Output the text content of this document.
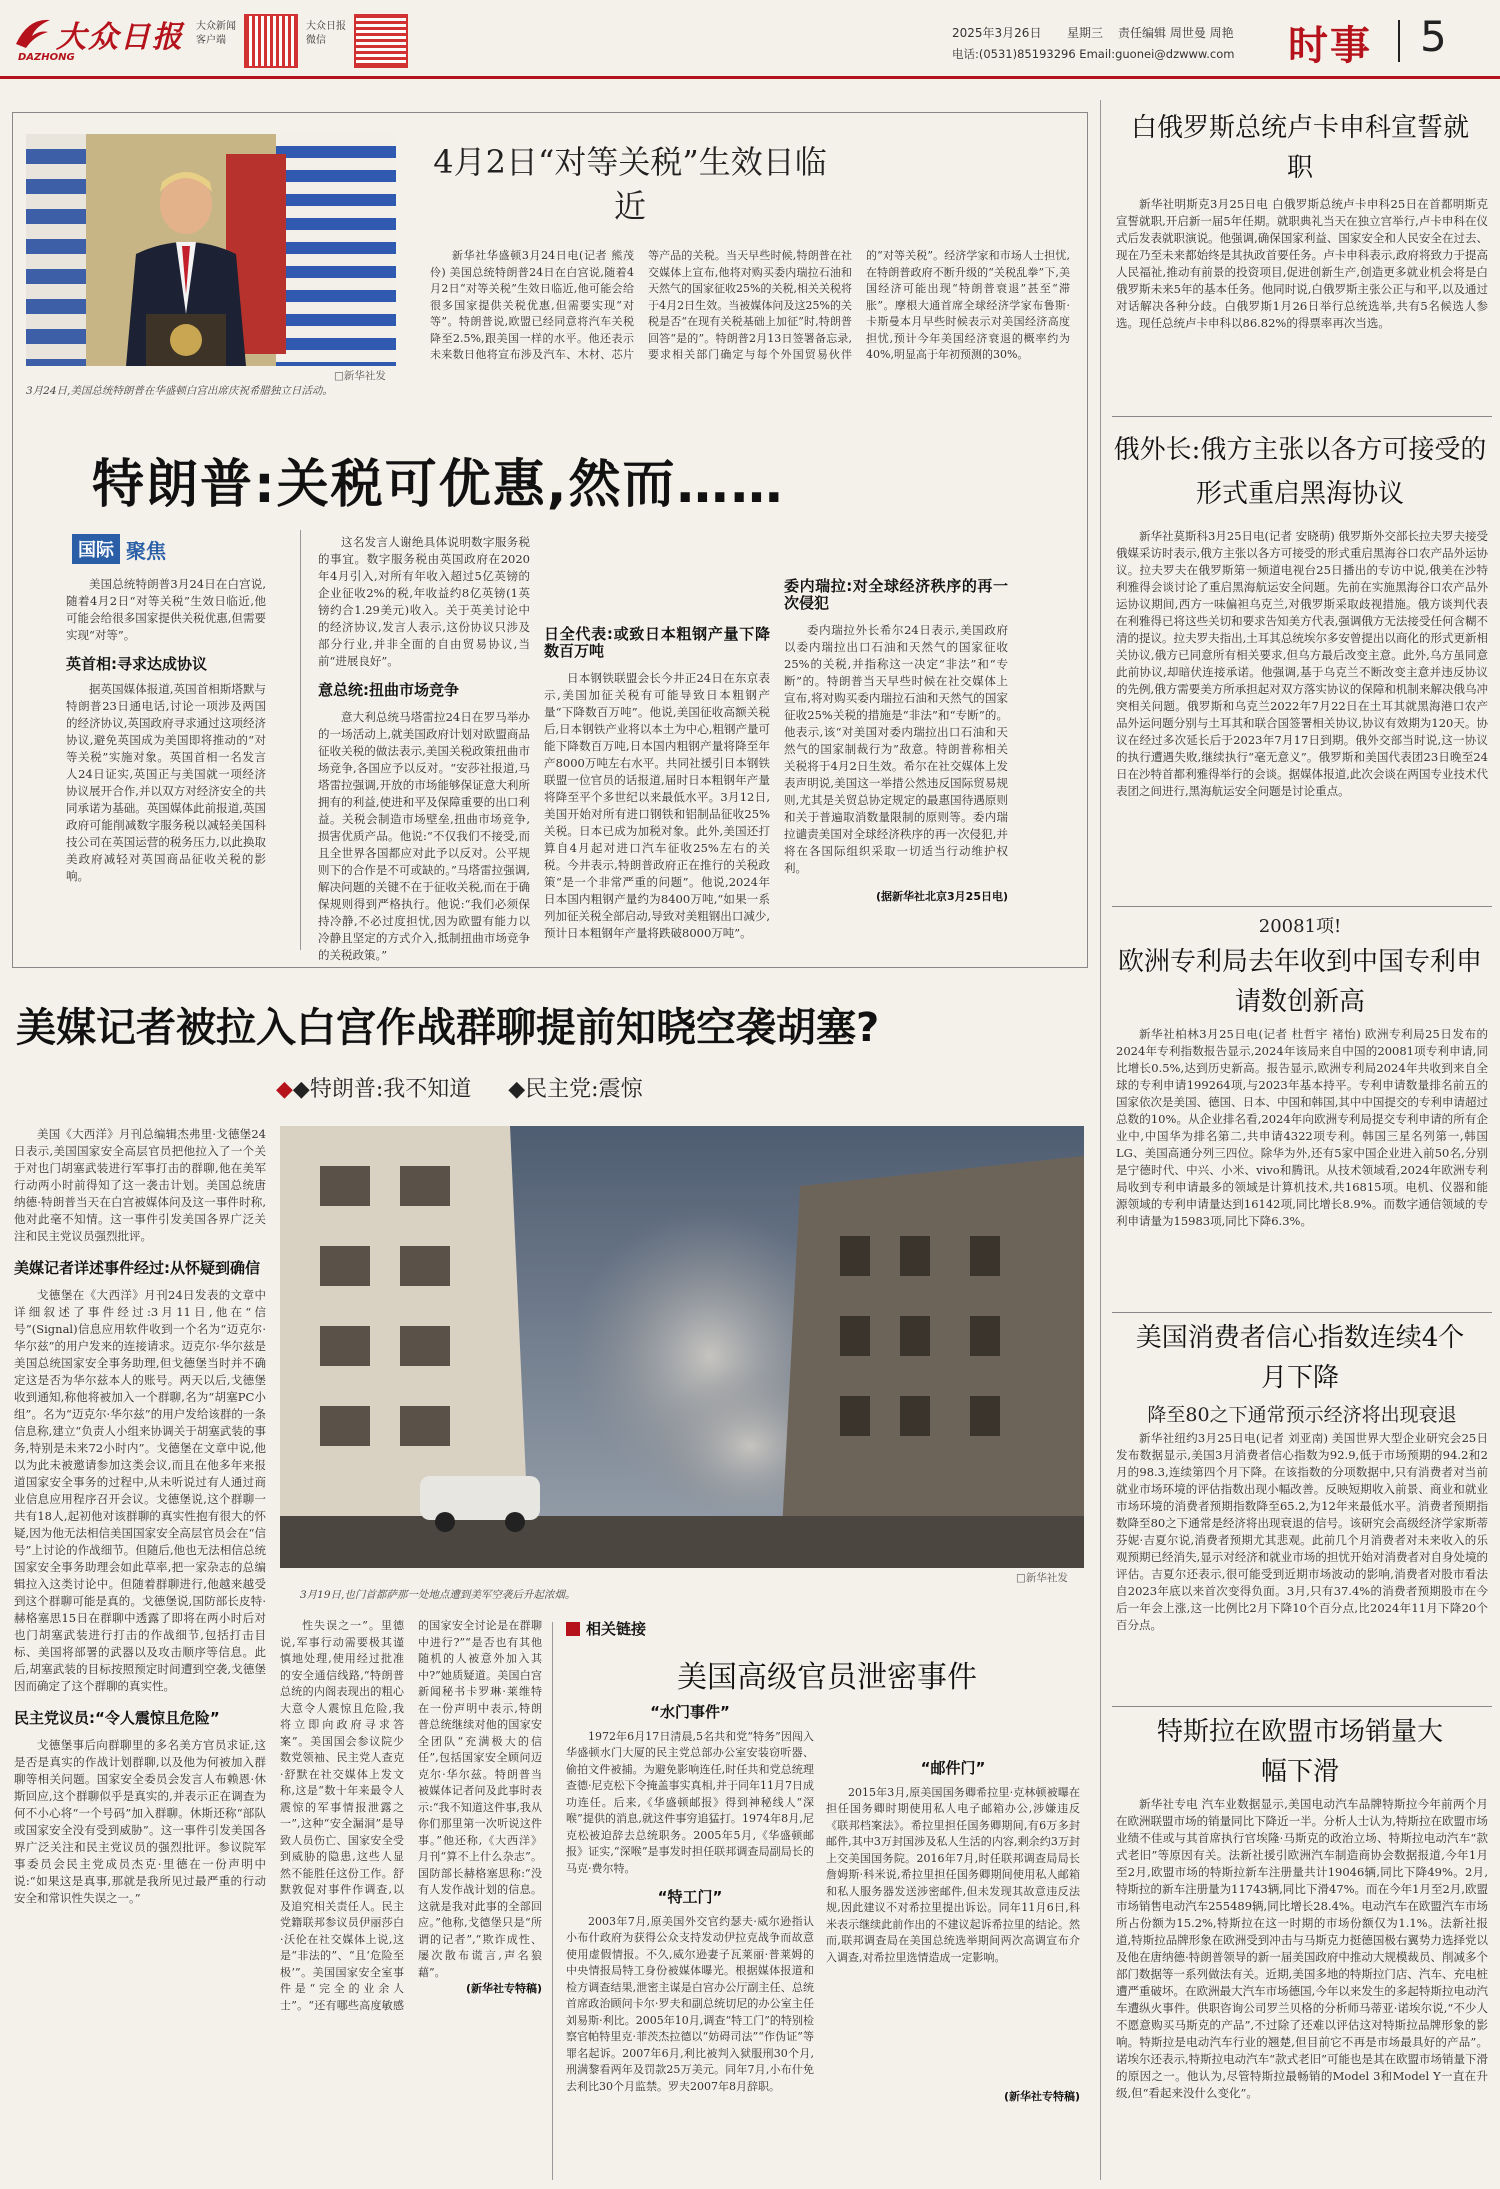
大众日报
DAZHONG
大众新闻客户端
大众日报微信
2025年3月26日 星期三 责任编辑 周世曼 周艳
电话:(0531)85193296 Email:guonei@dzwww.com 时事 5
□新华社发
3月24日,美国总统特朗普在华盛顿白宫出席庆祝希腊独立日活动。
4月2日“对等关税”生效日临近

新华社华盛顿3月24日电(记者 熊茂伶) 美国总统特朗普24日在白宫说,随着4月2日“对等关税”生效日临近,他可能会给很多国家提供关税优惠,但需要实现“对等”。特朗普说,欧盟已经同意将汽车关税降至2.5%,跟美国一样的水平。他还表示未来数日他将宣布涉及汽车、木材、芯片等产品的关税。当天早些时候,特朗普在社交媒体上宣布,他将对购买委内瑞拉石油和天然气的国家征收25%的关税,相关关税将于4月2日生效。当被媒体问及这25%的关税是否“在现有关税基础上加征”时,特朗普回答“是的”。特朗普2月13日签署备忘录,要求相关部门确定与每个外国贸易伙伴的“对等关税”。经济学家和市场人士担忧,在特朗普政府不断升级的“关税乱拳”下,美国经济可能出现“特朗普衰退”甚至“滞胀”。摩根大通首席全球经济学家布鲁斯·卡斯曼本月早些时候表示对美国经济高度担忧,预计今年美国经济衰退的概率约为40%,明显高于年初预测的30%。

特朗普:关税可优惠,然而……
国际 聚焦

美国总统特朗普3月24日在白宫说,随着4月2日“对等关税”生效日临近,他可能会给很多国家提供关税优惠,但需要实现“对等”。

英首相:寻求达成协议

据英国媒体报道,英国首相斯塔默与特朗普23日通电话,讨论一项涉及两国的经济协议,英国政府寻求通过这项经济协议,避免英国成为美国即将推动的“对等关税”实施对象。英国首相一名发言人24日证实,英国正与美国就一项经济协议展开合作,并以双方对经济安全的共同承诺为基础。英国媒体此前报道,英国政府可能削减数字服务税以减轻美国科技公司在英国运营的税务压力,以此换取美政府减轻对英国商品征收关税的影响。

这名发言人谢绝具体说明数字服务税的事宜。数字服务税由英国政府在2020年4月引入,对所有年收入超过5亿英镑的企业征收2%的税,年收益约8亿英镑(1英镑约合1.29美元)收入。关于英美讨论中的经济协议,发言人表示,这份协议只涉及部分行业,并非全面的自由贸易协议,当前“进展良好”。

意总统:扭曲市场竞争

意大利总统马塔雷拉24日在罗马举办的一场活动上,就美国政府计划对欧盟商品征收关税的做法表示,美国关税政策扭曲市场竞争,各国应予以反对。“安莎社报道,马塔雷拉强调,开放的市场能够保证意大利所拥有的利益,使进和平及保障重要的出口利益。关税会制造市场壁垒,扭曲市场竞争,损害优质产品。他说:“不仅我们不接受,而且全世界各国都应对此予以反对。公平规则下的合作是不可或缺的。”马塔雷拉强调,解决问题的关键不在于征收关税,而在于确保规则得到严格执行。他说:“我们必须保持冷静,不必过度担忧,因为欧盟有能力以冷静且坚定的方式介入,抵制扭曲市场竞争的关税政策。”

日全代表:或致日本粗钢产量下降数百万吨

日本钢铁联盟会长今井正24日在东京表示,美国加征关税有可能导致日本粗钢产量“下降数百万吨”。他说,美国征收高额关税后,日本钢铁产业将以本土为中心,粗钢产量可能下降数百万吨,日本国内粗钢产量将降至年产8000万吨左右水平。共同社援引日本钢铁联盟一位官员的话报道,届时日本粗钢年产量将降至平个多世纪以来最低水平。3月12日,美国开始对所有进口钢铁和铝制品征收25%关税。日本已成为加税对象。此外,美国还打算自4月起对进口汽车征收25%左右的关税。今井表示,特朗普政府正在推行的关税政策“是一个非常严重的问题”。他说,2024年日本国内粗钢产量约为8400万吨,“如果一系列加征关税全部启动,导致对美粗钢出口减少,预计日本粗钢年产量将跌破8000万吨”。

委内瑞拉:对全球经济秩序的再一次侵犯

委内瑞拉外长希尔24日表示,美国政府以委内瑞拉出口石油和天然气的国家征收25%的关税,并指称这一决定“非法”和“专断”的。特朗普当天早些时候在社交媒体上宣布,将对购买委内瑞拉石油和天然气的国家征收25%关税的措施是“非法”和“专断”的。他表示,该“对美国对委内瑞拉出口石油和天然气的国家制裁行为”敌意。特朗普称相关关税将于4月2日生效。希尔在社交媒体上发表声明说,美国这一举措公然违反国际贸易规则,尤其是关贸总协定规定的最惠国待遇原则和关于普遍取消数量限制的原则等。委内瑞拉谴责美国对全球经济秩序的再一次侵犯,并将在各国际组织采取一切适当行动维护权利。

(据新华社北京3月25日电)
美媒记者被拉入白宫作战群聊提前知晓空袭胡塞?
◆◆特朗普:我不知道 ◆民主党:震惊
3月19日,也门首都萨那一处地点遭到美军空袭后升起浓烟。
□新华社发

美国《大西洋》月刊总编辑杰弗里·戈德堡24日表示,美国国家安全高层官员把他拉入了一个关于对也门胡塞武装进行军事打击的群聊,他在美军行动两小时前得知了这一袭击计划。美国总统唐纳德·特朗普当天在白宫被媒体问及这一事件时称,他对此毫不知情。这一事件引发美国各界广泛关注和民主党议员强烈批评。

美媒记者详述事件经过:从怀疑到确信

戈德堡在《大西洋》月刊24日发表的文章中详细叙述了事件经过:3月11日,他在“信号”(Signal)信息应用软件收到一个名为“迈克尔·华尔兹”的用户发来的连接请求。迈克尔·华尔兹是美国总统国家安全事务助理,但戈德堡当时并不确定这是否为华尔兹本人的账号。两天以后,戈德堡收到通知,称他将被加入一个群聊,名为“胡塞PC小组”。名为“迈克尔·华尔兹”的用户发给该群的一条信息称,建立“负责人小组来协调关于胡塞武装的事务,特别是未来72小时内”。戈德堡在文章中说,他以为此未被邀请参加这类会议,而且在他多年来报道国家安全事务的过程中,从未听说过有人通过商业信息应用程序召开会议。戈德堡说,这个群聊一共有18人,起初他对该群聊的真实性抱有很大的怀疑,因为他无法相信美国国家安全高层官员会在“信号”上讨论的作战细节。但随后,他也无法相信总统国家安全事务助理会如此草率,把一家杂志的总编辑拉入这类讨论中。但随着群聊进行,他越来越受到这个群聊可能是真的。戈德堡说,国防部长皮特·赫格塞思15日在群聊中透露了即将在两小时后对也门胡塞武装进行打击的作战细节,包括打击目标、美国将部署的武器以及攻击顺序等信息。此后,胡塞武装的目标按照预定时间遭到空袭,戈德堡因而确定了这个群聊的真实性。

民主党议员:“令人震惊且危险”

戈德堡事后向群聊里的多名美方官员求证,这是否是真实的作战计划群聊,以及他为何被加入群聊等相关问题。国家安全委员会发言人布赖恩·休斯回应,这个群聊似乎是真实的,并表示正在调查为何不小心将“一个号码”加入群聊。休斯还称“部队或国家安全没有受到威胁”。这一事件引发美国各界广泛关注和民主党议员的强烈批评。参议院军事委员会民主党成员杰克·里德在一份声明中说:“如果这是真事,那就是我所见过最严重的行动安全和常识性失误之一。”

性失误之一”。里德说,军事行动需要极其谨慎地处理,使用经过批准的安全通信线路,“特朗普总统的内阁表现出的粗心大意令人震惊且危险,我将立即向政府寻求答案”。美国国会参议院少数党领袖、民主党人查克·舒默在社交媒体上发文称,这是“数十年来最令人震惊的军事情报泄露之一”,这种“安全漏洞”是导致人员伤亡、国家安全受到威胁的隐患,这些人显然不能胜任这份工作。舒默敦促对事件作调查,以及追究相关责任人。民主党籍联邦参议员伊丽莎白·沃伦在社交媒体上说,这是“非法的”、“且‘危险至极’”。美国国家安全室事件是“完全的业余人士”。“还有哪些高度敏感的国家安全讨论是在群聊中进行?”“是否也有其他随机的人被意外加入其中?”她质疑道。美国白宫新闻秘书卡罗琳·莱维特在一份声明中表示,特朗普总统继续对他的国家安全团队“充满极大的信任”,包括国家安全顾问迈克尔·华尔兹。特朗普当被媒体记者问及此事时表示:“我不知道这件事,我从你们那里第一次听说这件事。”他还称,《大西洋》月刊“算不上什么杂志”。国防部长赫格塞思称:“没有人发作战计划的信息。这就是我对此事的全部回应。”他称,戈德堡只是“所谓的记者”,“欺诈成性、屡次散布谎言,声名狼藉”。

(新华社专特稿)
相关链接
美国高级官员泄密事件
“水门事件”

1972年6月17日清晨,5名共和党“特务”因闯入华盛顿水门大厦的民主党总部办公室安装窃听器、偷拍文件被捕。为避免影响连任,时任共和党总统理查德·尼克松下令掩盖事实真相,并于同年11月7日成功连任。后来,《华盛顿邮报》得到神秘线人“深喉”提供的消息,就这件事穷追猛打。1974年8月,尼克松被迫辞去总统职务。2005年5月,《华盛顿邮报》证实,“深喉”是事发时担任联邦调查局副局长的马克·费尔特。

“特工门”

2003年7月,原美国外交官约瑟夫·威尔逊指认小布什政府为获得公众支持发动伊拉克战争而故意使用虚假情报。不久,威尔逊妻子瓦莱丽·普莱姆的中央情报局特工身份被媒体曝光。根据媒体报道和检方调查结果,泄密主谋是白宫办公厅副主任、总统首席政治顾问卡尔·罗夫和副总统切尼的办公室主任刘易斯·利比。2005年10月,调查“特工门”的特别检察官帕特里克·菲茨杰拉德以“妨碍司法”“作伪证”等罪名起诉。2007年6月,利比被判入狱服刑30个月,刑满黎看两年及罚款25万美元。同年7月,小布什免去利比30个月监禁。罗夫2007年8月辞职。

“邮件门”

2015年3月,原美国国务卿希拉里·克林顿被曝在担任国务卿时期使用私人电子邮箱办公,涉嫌违反《联邦档案法》。希拉里担任国务卿期间,有6万多封邮件,其中3万封国涉及私人生活的内容,剩余约3万封上交美国国务院。2016年7月,时任联邦调查局局长詹姆斯·科米说,希拉里担任国务卿期间使用私人邮箱和私人服务器发送涉密邮件,但未发现其故意违反法规,因此建议不对希拉里提出诉讼。同年11月6日,科米表示继续此前作出的不建议起诉希拉里的结论。然而,联邦调查局在美国总统选举期间两次高调宣布介入调查,对希拉里选情造成一定影响。

(新华社专特稿)
白俄罗斯总统卢卡申科宣誓就职

新华社明斯克3月25日电 白俄罗斯总统卢卡申科25日在首都明斯克宣誓就职,开启新一届5年任期。就职典礼当天在独立宫举行,卢卡申科在仪式后发表就职演说。他强调,确保国家利益、国家安全和人民安全在过去、现在乃至未来都始终是其执政首要任务。卢卡申科表示,政府将致力于提高人民福祉,推动有前景的投资项目,促进创新生产,创造更多就业机会将是白俄罗斯未来5年的基本任务。他同时说,白俄罗斯主张公正与和平,以及通过对话解决各种分歧。白俄罗斯1月26日举行总统选举,共有5名候选人参选。现任总统卢卡申科以86.82%的得票率再次当选。

俄外长:俄方主张以各方可接受的形式重启黑海协议

新华社莫斯科3月25日电(记者 安晓萌) 俄罗斯外交部长拉夫罗夫接受俄媒采访时表示,俄方主张以各方可接受的形式重启黑海谷口农产品外运协议。拉夫罗夫在俄罗斯第一频道电视台25日播出的专访中说,俄美在沙特利雅得会谈讨论了重启黑海航运安全问题。先前在实施黑海谷口农产品外运协议期间,西方一味偏袒乌克兰,对俄罗斯采取歧视措施。俄方谈判代表在利雅得已将这些关切和要求告知美方代表,强调俄方无法接受任何含糊不清的提议。拉夫罗夫指出,土耳其总统埃尔多安曾提出以商化的形式更新相关协议,俄方已同意所有相关要求,但乌方最后改变主意。此外,乌方虽同意此前协议,却暗伏连接承诺。他强调,基于乌克兰不断改变主意并违反协议的先例,俄方需要美方所承担起对双方落实协议的保障和机制来解决俄乌冲突相关问题。俄罗斯和乌克兰2022年7月22日在土耳其就黑海港口农产品外运问题分别与土耳其和联合国签署相关协议,协议有效期为120天。协议在经过多次延长后于2023年7月17日到期。俄外交部当时说,这一协议的执行遭遇失败,继续执行“毫无意义”。俄罗斯和美国代表团23日晚至24日在沙特首都利雅得举行的会谈。据媒体报道,此次会谈在两国专业技术代表团之间进行,黑海航运安全问题是讨论重点。

20081项!
欧洲专利局去年收到中国专利申请数创新高

新华社柏林3月25日电(记者 杜哲宇 褚怡) 欧洲专利局25日发布的2024年专利指数报告显示,2024年该局来自中国的20081项专利申请,同比增长0.5%,达到历史新高。报告显示,欧洲专利局2024年共收到来自全球的专利申请199264项,与2023年基本持平。专利申请数量排名前五的国家依次是美国、德国、日本、中国和韩国,其中中国提交的专利申请超过总数的10%。从企业排名看,2024年向欧洲专利局提交专利申请的所有企业中,中国华为排名第二,共申请4322项专利。韩国三星名列第一,韩国LG、美国高通分列三四位。除华为外,还有5家中国企业进入前50名,分别是宁德时代、中兴、小米、vivo和腾讯。从技术领域看,2024年欧洲专利局收到专利申请最多的领域是计算机技术,共16815项。电机、仪器和能源领域的专利申请量达到16142项,同比增长8.9%。而数字通信领域的专利申请量为15983项,同比下降6.3%。

美国消费者信心指数连续4个月下降
降至80之下通常预示经济将出现衰退

新华社纽约3月25日电(记者 刘亚南) 美国世界大型企业研究会25日发布数据显示,美国3月消费者信心指数为92.9,低于市场预期的94.2和2月的98.3,连续第四个月下降。在该指数的分项数据中,只有消费者对当前就业市场环境的评估指数出现小幅改善。反映短期收入前景、商业和就业市场环境的消费者预期指数降至65.2,为12年来最低水平。消费者预期指数降至80之下通常是经济将出现衰退的信号。该研究会高级经济学家斯蒂芬妮·吉夏尔说,消费者预期尤其悲观。此前几个月消费者对未来收入的乐观预期已经消失,显示对经济和就业市场的担忧开始对消费者对自身处境的评估。吉夏尔还表示,很可能受到近期市场波动的影响,消费者对股市看法自2023年底以来首次变得负面。3月,只有37.4%的消费者预期股市在今后一年会上涨,这一比例比2月下降10个百分点,比2024年11月下降20个百分点。

特斯拉在欧盟市场销量大幅下滑

新华社专电 汽车业数据显示,美国电动汽车品牌特斯拉今年前两个月在欧洲联盟市场的销量同比下降近一半。分析人士认为,特斯拉在欧盟市场业绩不佳或与其首席执行官埃隆·马斯克的政治立场、特斯拉电动汽车“款式老旧”等原因有关。法新社援引欧洲汽车制造商协会数据报道,今年1月至2月,欧盟市场的特斯拉新车注册量共计19046辆,同比下降49%。2月,特斯拉的新车注册量为11743辆,同比下滑47%。而在今年1月至2月,欧盟市场销售电动汽车255489辆,同比增长28.4%。电动汽车在欧盟汽车市场所占份额为15.2%,特斯拉在这一时期的市场份额仅为1.1%。法新社报道,特斯拉品牌形象在欧洲受到冲击与马斯克力挺德国极右翼势力选择党以及他在唐纳德·特朗普领导的新一届美国政府中推动大规模裁员、削减多个部门数据等一系列做法有关。近期,美国多地的特斯拉门店、汽车、充电桩遭严重破坏。在欧洲最大汽车市场德国,今年以来发生的多起特斯拉电动汽车遭纵火事件。供职咨询公司罗兰贝格的分析师马蒂亚·诺埃尔说,“不少人不愿意购买马斯克的产品”,不过除了还难以评估这对特斯拉品牌形象的影响。特斯拉是电动汽车行业的翘楚,但目前它不再是市场最具好的产品”。诺埃尔还表示,特斯拉电动汽车“款式老旧”可能也是其在欧盟市场销量下滑的原因之一。他认为,尽管特斯拉最畅销的Model 3和Model Y一直在升级,但“看起来没什么变化”。
